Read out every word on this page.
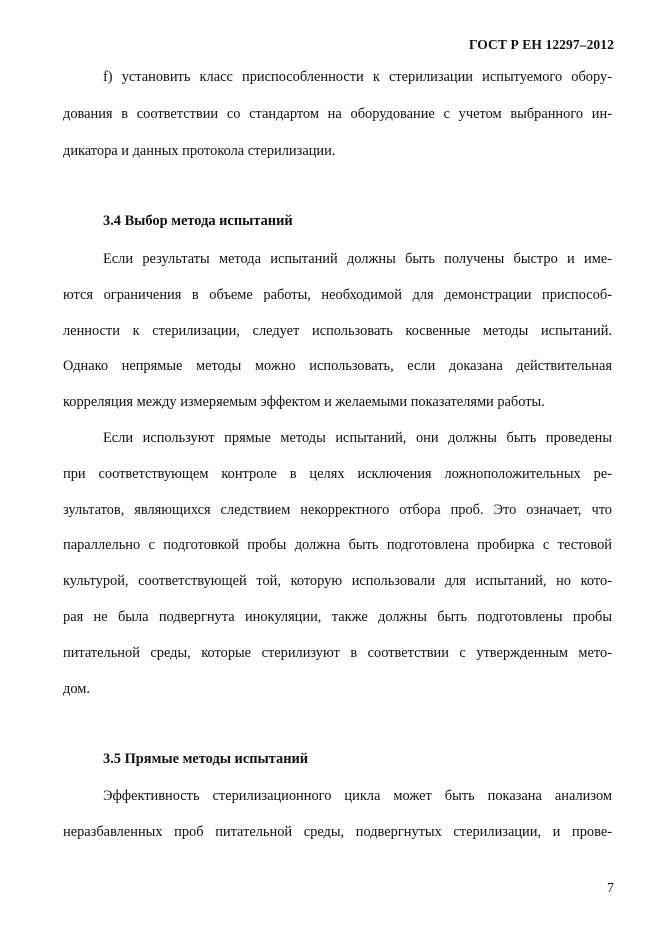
ГОСТ Р ЕН 12297–2012
f) установить класс приспособленности к стерилизации испытуемого обору-
дования в соответствии со стандартом на оборудование с учетом выбранного ин-
дикатора и данных протокола стерилизации.
3.4 Выбор метода испытаний
Если результаты метода испытаний должны быть получены быстро и име-
ются ограничения в объеме работы, необходимой для демонстрации приспособ-
ленности к стерилизации, следует использовать косвенные методы испытаний.
Однако непрямые методы можно использовать, если доказана действительная
корреляция между измеряемым эффектом и желаемыми показателями работы.
Если используют прямые методы испытаний, они должны быть проведены
при соответствующем контроле в целях исключения ложноположительных ре-
зультатов, являющихся следствием некорректного отбора проб. Это означает, что
параллельно с подготовкой пробы должна быть подготовлена пробирка с тестовой
культурой, соответствующей той, которую использовали для испытаний, но кото-
рая не была подвергнута инокуляции, также должны быть подготовлены пробы
питательной среды, которые стерилизуют в соответствии с утвержденным мето-
дом.
3.5 Прямые методы испытаний
Эффективность стерилизационного цикла может быть показана анализом
неразбавленных проб питательной среды, подвергнутых стерилизации, и прове-
7
